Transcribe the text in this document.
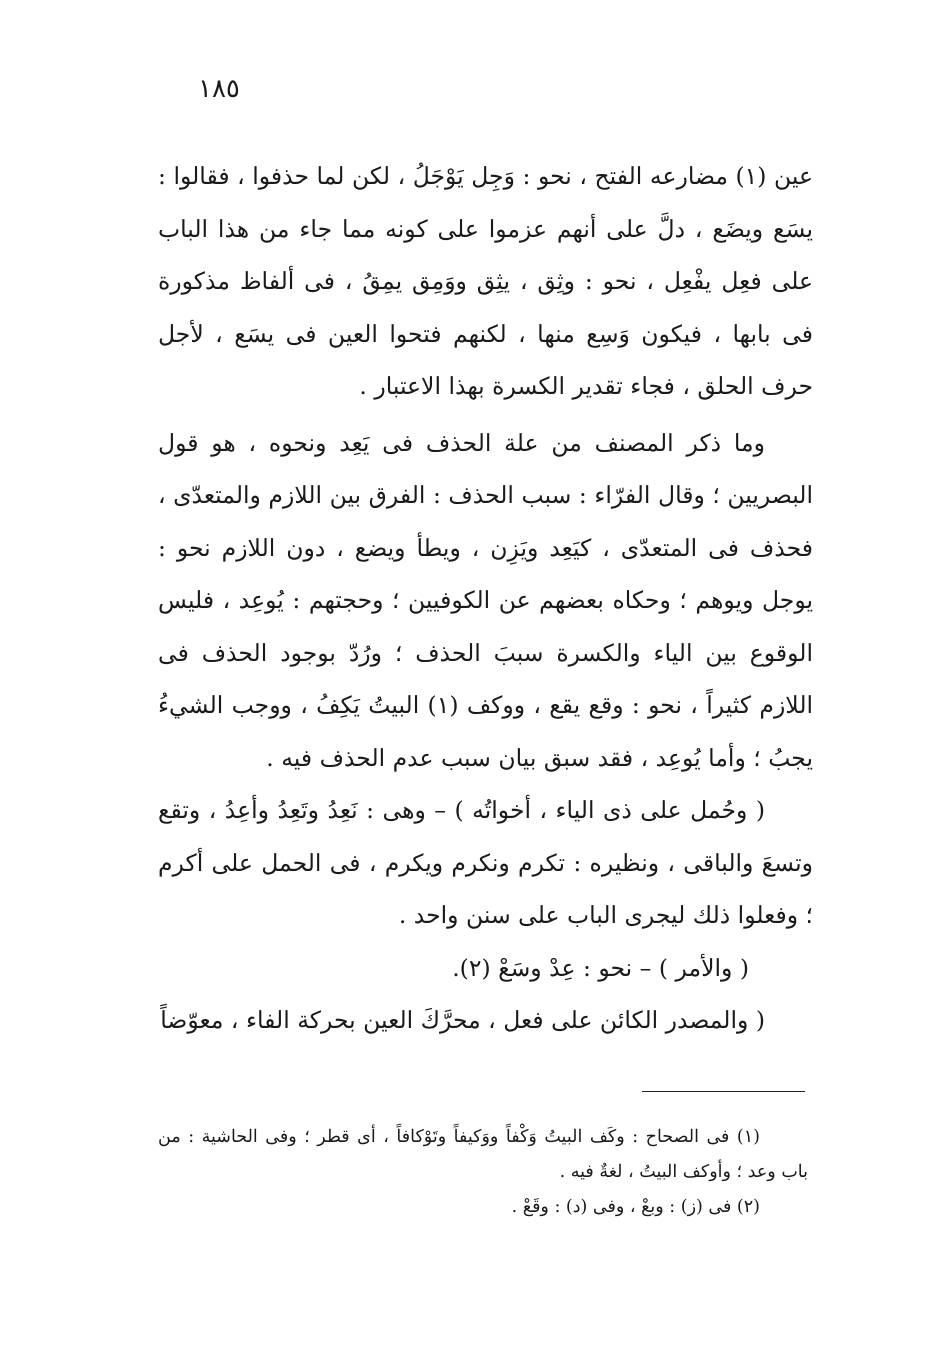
١٨٥

عين (١) مضارعه الفتح ، نحو : وَجِل يَوْجَلُ ، لكن لما حذفوا ، فقالوا : يسَع ويضَع ، دلَّ على أنهم عزموا على كونه مما جاء من هذا الباب على فعِل يفْعِل ، نحو : وثِق ، يثِق ووَمِق يمِقُ ، فى ألفاظ مذكورة فى بابها ، فيكون وَسِع منها ، لكنهم فتحوا العين فى يسَع ، لأجل حرف الحلق ، فجاء تقدير الكسرة بهذا الاعتبار .

وما ذكر المصنف من علة الحذف فى يَعِد ونحوه ، هو قول البصريين ؛ وقال الفرّاء : سبب الحذف : الفرق بين اللازم والمتعدّى ، فحذف فى المتعدّى ، كيَعِد ويَزِن ، ويطأ ويضع ، دون اللازم نحو : يوجل ويوهم ؛ وحكاه بعضهم عن الكوفيين ؛ وحجتهم : يُوعِد ، فليس الوقوع بين الياء والكسرة سببَ الحذف ؛ ورُدّ بوجود الحذف فى اللازم كثيراً ، نحو : وقع يقع ، ووكف (١) البيتُ يَكِفُ ، ووجب الشيءُ يجبُ ؛ وأما يُوعِد ، فقد سبق بيان سبب عدم الحذف فيه .

( وحُمل على ذى الياء ، أخواتُه ) – وهى : نَعِدُ وتَعِدُ وأعِدُ ، وتقع وتسعَ والباقى ، ونظيره : تكرم ونكرم ويكرم ، فى الحمل على أكرم ؛ وفعلوا ذلك ليجرى الباب على سنن واحد .

( والأمر ) – نحو : عِدْ وسَعْ (٢).

( والمصدر الكائن على فعل ، محرَّكَ العين بحركة الفاء ، معوّضاً

(١) فى الصحاح : وكَف البيتُ وَكْفاً ووَكيفاً وتَوْكافاً ، أى قطر ؛ وفى الحاشية : من باب وعد ؛ وأوكف البيتُ ، لغةٌ فيه .

(٢) فى (ز) : وبعْ ، وفى (د) : وقَعْ .
